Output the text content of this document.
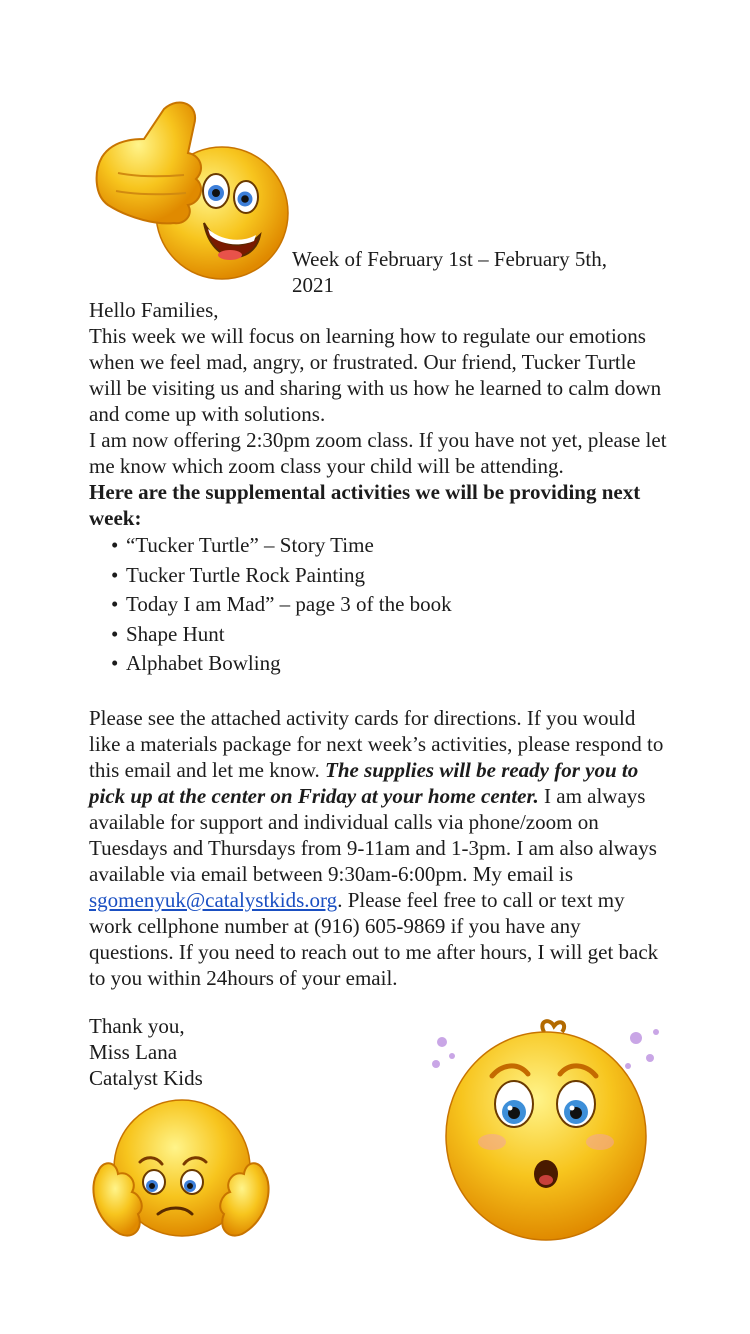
Week of February 1st – February 5th, 2021

Hello Families,

This week we will focus on learning how to regulate our emotions when we feel mad, angry, or frustrated. Our friend, Tucker Turtle will be visiting us and sharing with us how he learned to calm down and come up with solutions.

I am now offering 2:30pm zoom class. If you have not yet, please let me know which zoom class your child will be attending.

Here are the supplemental activities we will be providing next week:

• “Tucker Turtle” – Story Time
• Tucker Turtle Rock Painting
• Today I am Mad” – page 3 of the book
• Shape Hunt
• Alphabet Bowling

Please see the attached activity cards for directions. If you would like a materials package for next week’s activities, please respond to this email and let me know. The supplies will be ready for you to pick up at the center on Friday at your home center. I am always available for support and individual calls via phone/zoom on Tuesdays and Thursdays from 9-11am and 1-3pm. I am also always available via email between 9:30am-6:00pm. My email is sgomenyuk@catalystkids.org. Please feel free to call or text my work cellphone number at (916) 605-9869 if you have any questions. If you need to reach out to me after hours, I will get back to you within 24hours of your email.

Thank you,
Miss Lana
Catalyst Kids
